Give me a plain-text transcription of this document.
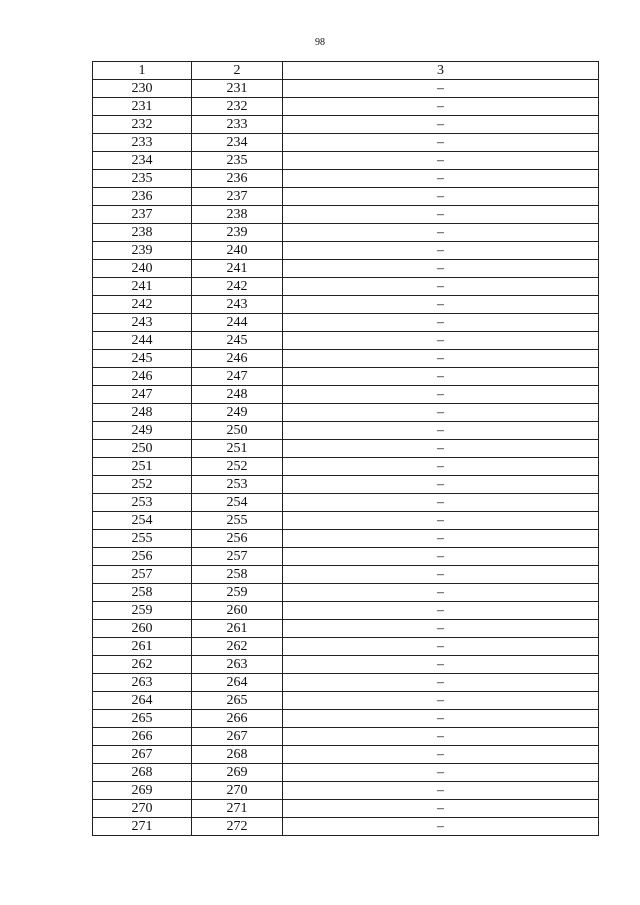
98
1	2	3
230	231	–
231	232	–
232	233	–
233	234	–
234	235	–
235	236	–
236	237	–
237	238	–
238	239	–
239	240	–
240	241	–
241	242	–
242	243	–
243	244	–
244	245	–
245	246	–
246	247	–
247	248	–
248	249	–
249	250	–
250	251	–
251	252	–
252	253	–
253	254	–
254	255	–
255	256	–
256	257	–
257	258	–
258	259	–
259	260	–
260	261	–
261	262	–
262	263	–
263	264	–
264	265	–
265	266	–
266	267	–
267	268	–
268	269	–
269	270	–
270	271	–
271	272	–
